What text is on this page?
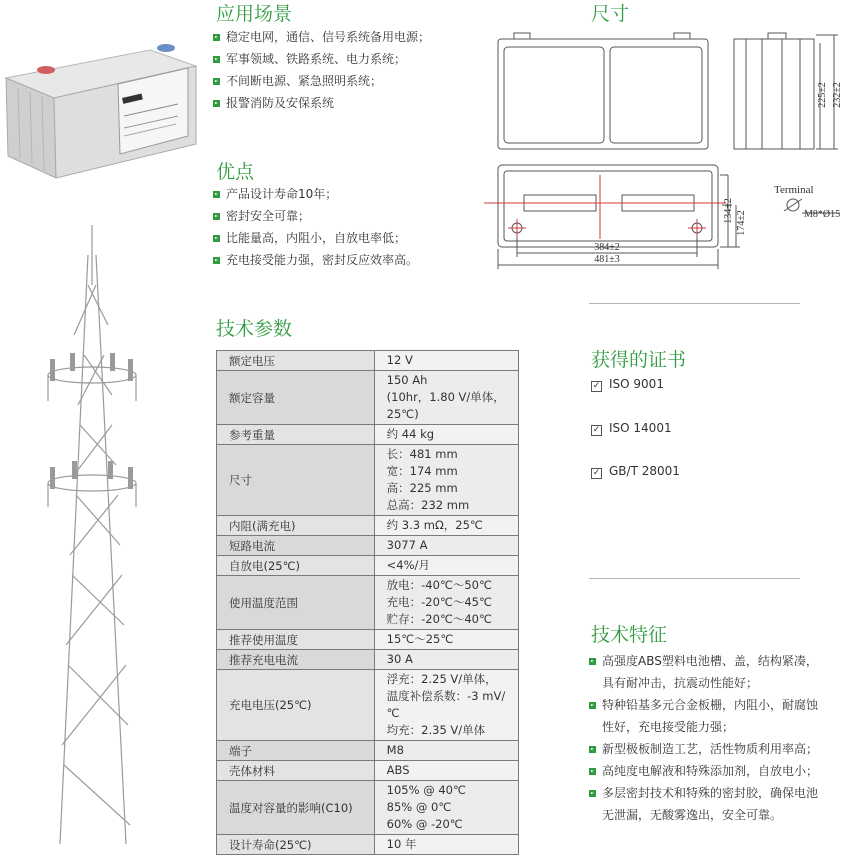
应用场景
稳定电网，通信、信号系统备用电源；
军事领域、铁路系统、电力系统；
不间断电源、紧急照明系统；
报警消防及安保系统
优点
产品设计寿命10年；
密封安全可靠；
比能量高，内阻小，自放电率低；
充电接受能力强，密封反应效率高。
尺寸
384±2
481±3
134±2 174±2
225±2 232±2
Terminal
M8*Ø15
技术参数
额定电压	12 V

额定容量	150 Ah
(10hr，1.80 V/单体，25℃)

参考重量	约 44 kg

尺寸	长：481 mm
宽：174 mm
高：225 mm
总高：232 mm

内阻(满充电)	约 3.3 mΩ，25℃

短路电流	3077 A

自放电(25℃)	<4%/月

使用温度范围	放电：-40℃～50℃
充电：-20℃～45℃
贮存：-20℃～40℃

推荐使用温度	15℃～25℃

推荐充电电流	30 A

充电电压(25℃)	浮充：2.25 V/单体，
温度补偿系数：-3 mV/℃
均充：2.35 V/单体

端子	M8

壳体材料	ABS

温度对容量的影响(C10)	105% @ 40℃
85% @ 0℃
60% @ -20℃

设计寿命(25℃)	10 年
获得的证书
✓ ISO 9001
✓ ISO 14001
✓ GB/T 28001
技术特征
高强度ABS塑料电池槽、盖，结构紧凑，具有耐冲击，抗震动性能好；
特种铅基多元合金板栅，内阻小，耐腐蚀性好，充电接受能力强；
新型极板制造工艺，活性物质利用率高；
高纯度电解液和特殊添加剂，自放电小；
多层密封技术和特殊的密封胶，确保电池无泄漏，无酸雾逸出，安全可靠。
